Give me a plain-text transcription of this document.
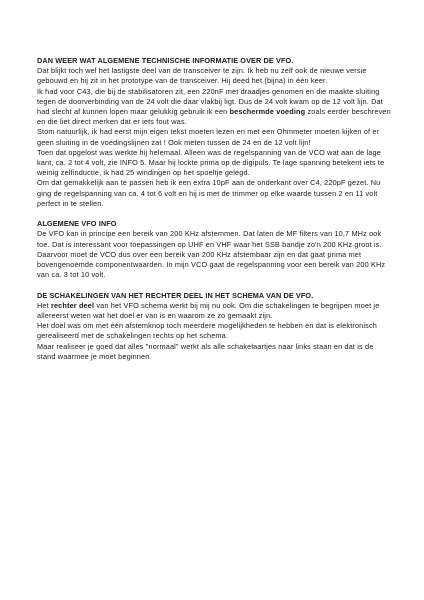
DAN WEER WAT ALGEMENE TECHNISCHE INFORMATIE OVER DE VFO.

Dat blijkt toch wel het lastigste deel van de transceiver te zijn. Ik heb nu zelf ook de nieuwe versie gebouwd en hij zit in het prototype van de transceiver. Hij deed het (bijna) in één keer.

Ik had voor C43, die bij de stabilisatoren zit, een 220nF met draadjes genomen en die maakte sluiting tegen de doorverbinding van de 24 volt die daar vlakbij ligt. Dus de 24 volt kwam op de 12 volt lijn. Dat had slecht af kunnen lopen maar gelukkig gebruik ik een beschermde voeding zoals eerder beschreven en die liet direct merken dat er iets fout was.

Stom natuurlijk, ik had eerst mijn eigen tekst moeten lezen en met een Ohmmeter moeten kijken of er geen sluiting in de voedingslijnen zat ! Ook meten tussen de 24 en de 12 volt lijn!

Toen dat opgelost was werkte hij helemaal. Alleen was de regelspanning van de VCO wat aan de lage kant, ca. 2 tot 4 volt, zie INFO 5. Maar hij lockte prima op de digipuls. Te lage spanning betekent iets te weinig zelfinductie, ik had 25 windingen op het spoeltje gelegd.

Om dat gemakkelijk aan te passen heb ik een extra 10pF aan de onderkant over C4, 220pF gezet. Nu ging de regelspanning van ca. 4 tot 6 volt en hij is met de trimmer op elke waarde tussen 2 en 11 volt perfect in te stellen.

ALGEMENE VFO INFO

De VFO kan in principe een bereik van 200 KHz afstemmen. Dat laten de MF filters van 10,7 MHz ook toe. Dat is interessant voor toepassingen op UHF en VHF waar het SSB bandje zo'n 200 KHz groot is. Daarvoor moet de VCO dus over een bereik van 200 KHz afstembaar zijn en dat gaat prima met bovengenoemde componentwaarden. In mijn VCO gaat de regelspanning voor een bereik van 200 KHz van ca. 3 tot 10 volt.

DE SCHAKELINGEN VAN HET RECHTER DEEL IN HET SCHEMA VAN DE VFO.

Het rechter deel van het VFO schema werkt bij mij nu ook. Om die schakelingen te begrijpen moet je allereerst weten wat het doel er van is en waarom ze zo gemaakt zijn.

Het doel was om met één afstemknop toch meerdere mogelijkheden te hebben en dat is elektronisch gerealiseerd met de schakelingen rechts op het schema.

Maar realiseer je goed dat alles "normaal" werkt als alle schakelaartjes naar links staan en dat is de stand waarmee je moet beginnen.
